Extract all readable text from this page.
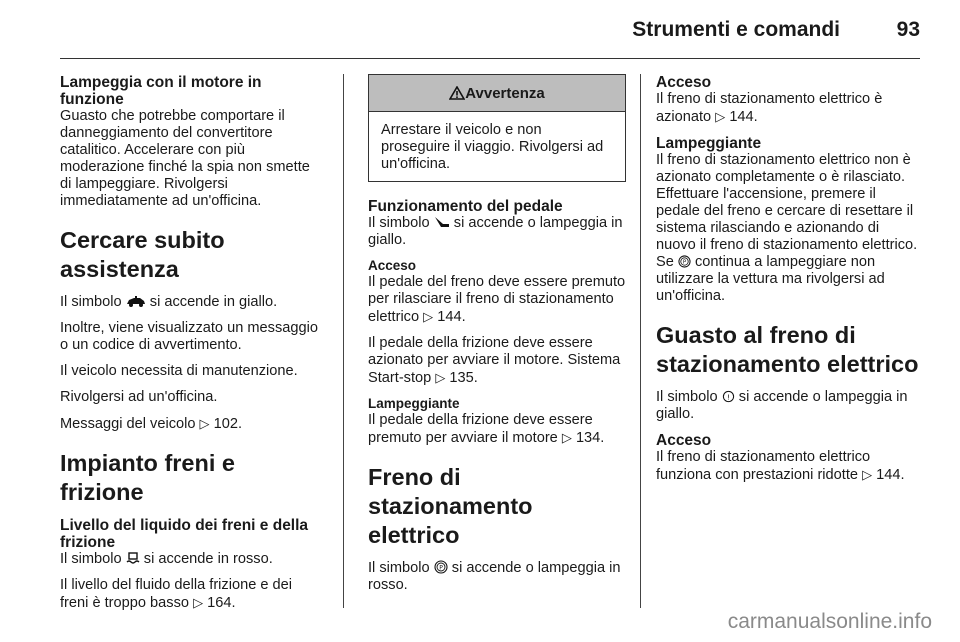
Strumenti e comandi	93
Lampeggia con il motore in funzione

Guasto che potrebbe comportare il danneggiamento del convertitore catalitico. Accelerare con più moderazione finché la spia non smette di lampeggiare. Rivolgersi immediatamente ad un'officina.

Cercare subito assistenza

Il simbolo si accende in giallo.

Inoltre, viene visualizzato un messaggio o un codice di avvertimento.

Il veicolo necessita di manutenzione.

Rivolgersi ad un'officina.

Messaggi del veicolo ▷ 102.

Impianto freni e frizione
Livello del liquido dei freni e della frizione

Il simbolo si accende in rosso.

Il livello del fluido della frizione e dei freni è troppo basso ▷ 164.

Avvertenza
Arrestare il veicolo e non proseguire il viaggio. Rivolgersi ad un'officina.
Funzionamento del pedale

Il simbolo si accende o lampeggia in giallo.

Acceso

Il pedale del freno deve essere premuto per rilasciare il freno di stazionamento elettrico ▷ 144.

Il pedale della frizione deve essere azionato per avviare il motore. Sistema Start-stop ▷ 135.

Lampeggiante

Il pedale della frizione deve essere premuto per avviare il motore ▷ 134.

Freno di stazionamento elettrico

Il simbolo P si accende o lampeggia in rosso.

Acceso

Il freno di stazionamento elettrico è azionato ▷ 144.

Lampeggiante

Il freno di stazionamento elettrico non è azionato completamente o è rilasciato. Effettuare l'accensione, premere il pedale del freno e cercare di resettare il sistema rilasciando e azionando di nuovo il freno di stazionamento elettrico. Se P continua a lampeggiare non utilizzare la vettura ma rivolgersi ad un'officina.

Guasto al freno di stazionamento elettrico

Il simbolo ! si accende o lampeggia in giallo.

Acceso

Il freno di stazionamento elettrico funziona con prestazioni ridotte ▷ 144.

carmanualsonline.info
